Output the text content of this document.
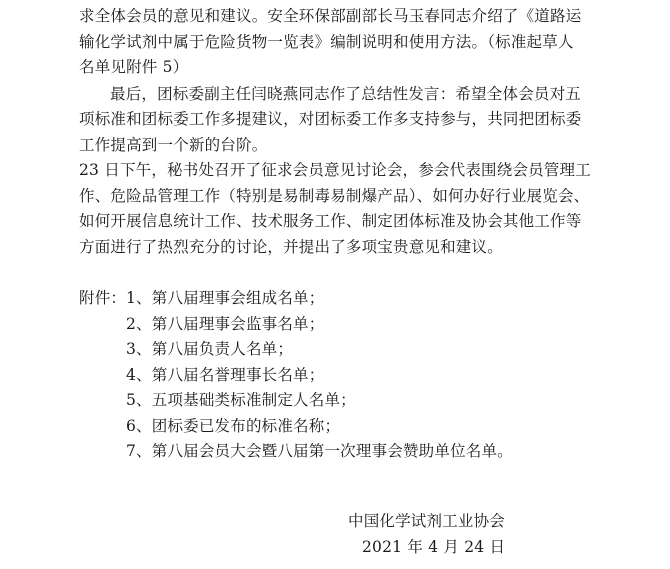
求全体会员的意见和建议。安全环保部副部长马玉春同志介绍了《道路运
输化学试剂中属于危险货物一览表》编制说明和使用方法。（标准起草人
名单见附件 5）
最后，团标委副主任闫晓燕同志作了总结性发言：希望全体会员对五
项标准和团标委工作多提建议，对团标委工作多支持参与，共同把团标委
工作提高到一个新的台阶。
23 日下午，秘书处召开了征求会员意见讨论会，参会代表围绕会员管理工
作、危险品管理工作（特别是易制毒易制爆产品）、如何办好行业展览会、
如何开展信息统计工作、技术服务工作、制定团体标准及协会其他工作等
方面进行了热烈充分的讨论，并提出了多项宝贵意见和建议。
附件： 1、第八届理事会组成名单；
2、第八届理事会监事名单；
3、第八届负责人名单；
4、第八届名誉理事长名单；
5、五项基础类标准制定人名单；
6、团标委已发布的标准名称；
7、第八届会员大会暨八届第一次理事会赞助单位名单。
中国化学试剂工业协会
2021 年 4 月 24 日
